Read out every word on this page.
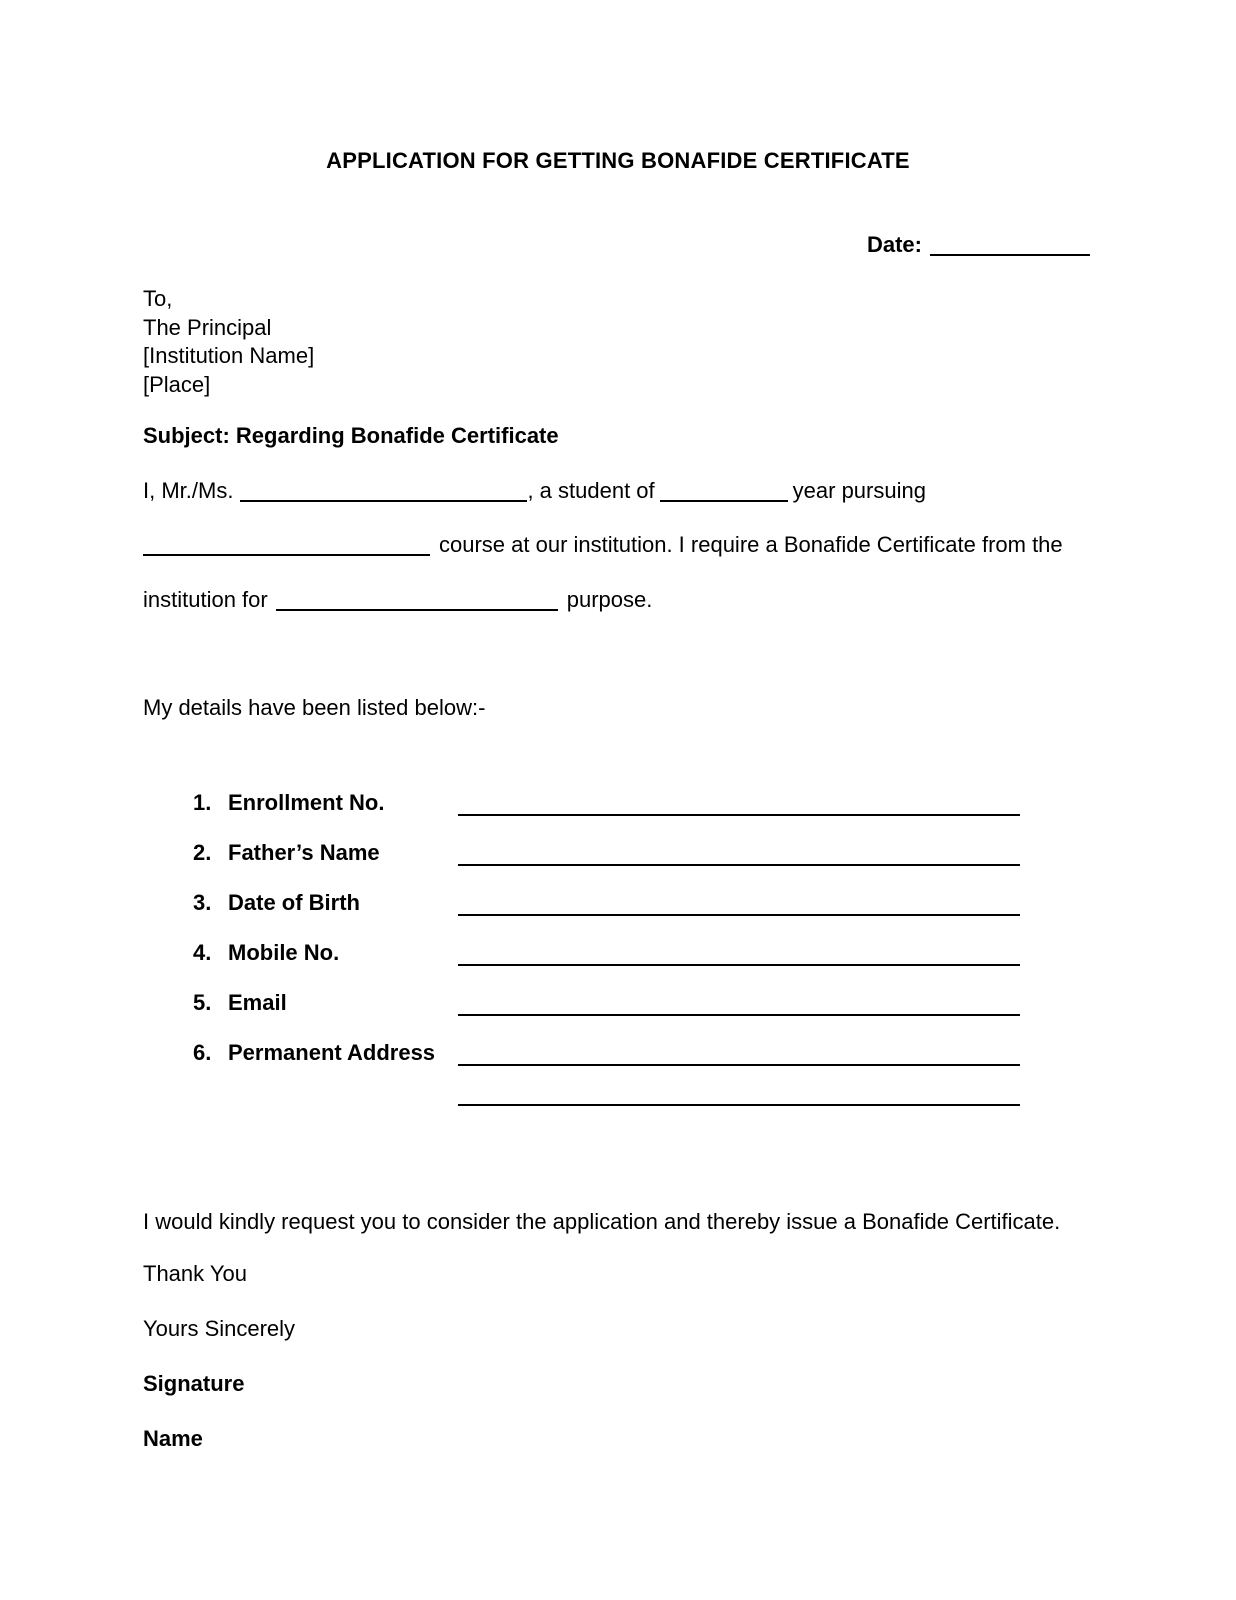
APPLICATION FOR GETTING BONAFIDE CERTIFICATE
Date:
To,
The Principal
[Institution Name]
[Place]
Subject: Regarding Bonafide Certificate
I, Mr./Ms.	, a student of	year pursuing
course at our institution. I require a Bonafide Certificate from the
institution for	purpose.
My details have been listed below:-
1. Enrollment No.
2. Father’s Name
3. Date of Birth
4. Mobile No.
5. Email
6. Permanent Address
I would kindly request you to consider the application and thereby issue a Bonafide Certificate.
Thank You
Yours Sincerely
Signature
Name
